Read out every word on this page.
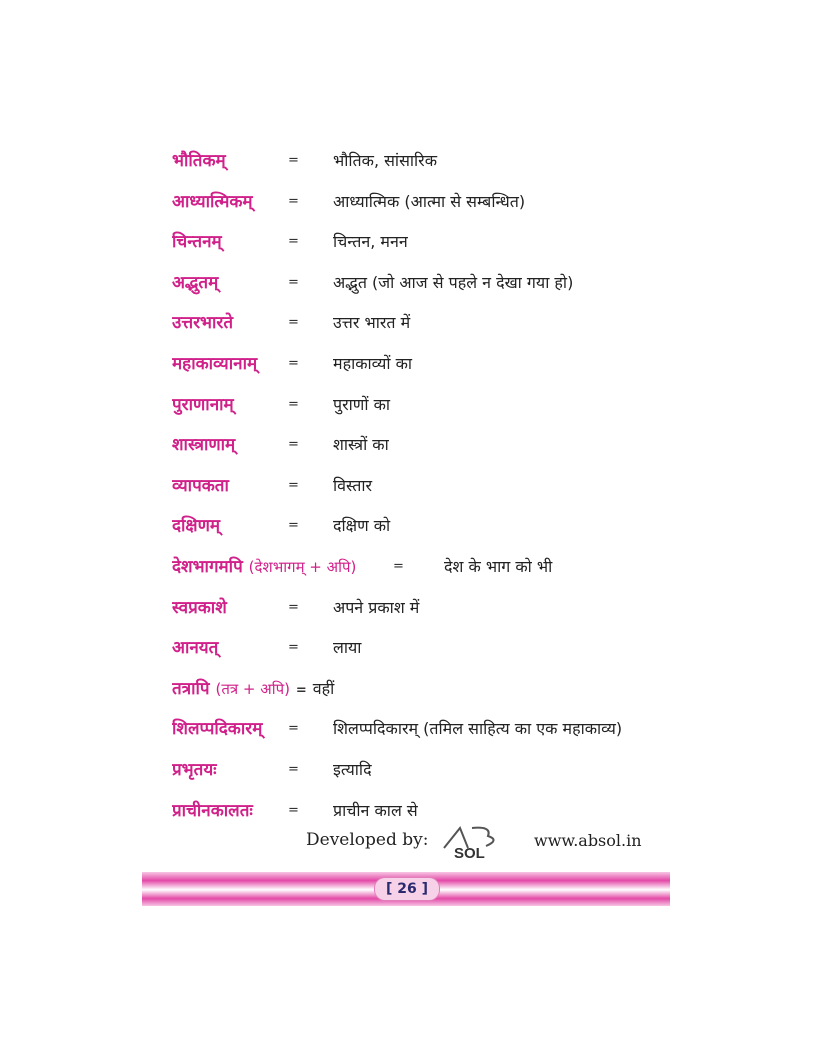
भौतिकम्	= भौतिक, सांसारिक
आध्यात्मिकम्	= आध्यात्मिक (आत्मा से सम्बन्धित)
चिन्तनम्	= चिन्तन, मनन
अद्भुतम्	= अद्भुत (जो आज से पहले न देखा गया हो)
उत्तरभारते	= उत्तर भारत में
महाकाव्यानाम् = महाकाव्यों का
पुराणानाम्	= पुराणों का
शास्त्राणाम्	= शास्त्रों का
व्यापकता	= विस्तार
दक्षिणम्	= दक्षिण को
देशभागमपि (देशभागम् + अपि)	=	देश के भाग को भी
स्वप्रकाशे	= अपने प्रकाश में
आनयत्	= लाया
तत्रापि (तत्र + अपि) = वहीं
शिलप्पदिकारम् = शिलप्पदिकारम् (तमिल साहित्य का एक महाकाव्य)
प्रभृतयः	= इत्यादि
प्राचीनकालतः	= प्राचीन काल से
Developed by:
SOL
www.absol.in
[ 26 ]
